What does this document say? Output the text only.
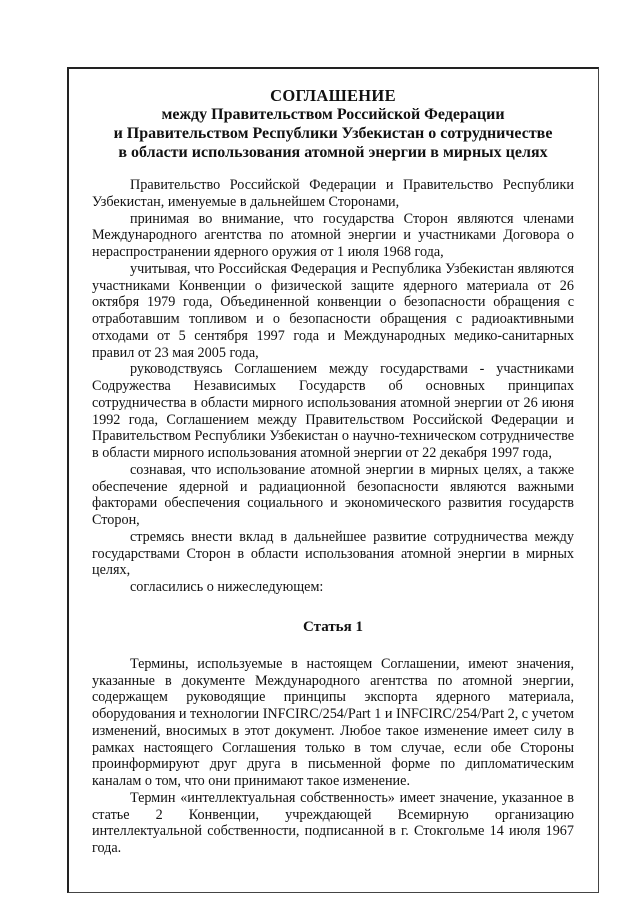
СОГЛАШЕНИЕ
между Правительством Российской Федерации
и Правительством Республики Узбекистан о сотрудничестве
в области использования атомной энергии в мирных целях

Правительство Российской Федерации и Правительство Республики Узбекистан, именуемые в дальнейшем Сторонами,

принимая во внимание, что государства Сторон являются членами Международного агентства по атомной энергии и участниками Договора о нераспространении ядерного оружия от 1 июля 1968 года,

учитывая, что Российская Федерация и Республика Узбекистан являются участниками Конвенции о физической защите ядерного материала от 26 октября 1979 года, Объединенной конвенции о безопасности обращения с отработавшим топливом и о безопасности обращения с радиоактивными отходами от 5 сентября 1997 года и Международных медико-санитарных правил от 23 мая 2005 года,

руководствуясь Соглашением между государствами - участниками Содружества Независимых Государств об основных принципах сотрудничества в области мирного использования атомной энергии от 26 июня 1992 года, Соглашением между Правительством Российской Федерации и Правительством Республики Узбекистан о научно-техническом сотрудничестве в области мирного использования атомной энергии от 22 декабря 1997 года,

сознавая, что использование атомной энергии в мирных целях, а также обеспечение ядерной и радиационной безопасности являются важными факторами обеспечения социального и экономического развития государств Сторон,

стремясь внести вклад в дальнейшее развитие сотрудничества между государствами Сторон в области использования атомной энергии в мирных целях,

согласились о нижеследующем:

Статья 1

Термины, используемые в настоящем Соглашении, имеют значения, указанные в документе Международного агентства по атомной энергии, содержащем руководящие принципы экспорта ядерного материала, оборудования и технологии INFCIRC/254/Part 1 и INFCIRC/254/Part 2, с учетом изменений, вносимых в этот документ. Любое такое изменение имеет силу в рамках настоящего Соглашения только в том случае, если обе Стороны проинформируют друг друга в письменной форме по дипломатическим каналам о том, что они принимают такое изменение.

Термин «интеллектуальная собственность» имеет значение, указанное в статье 2 Конвенции, учреждающей Всемирную организацию интеллектуальной собственности, подписанной в г. Стокгольме 14 июля 1967 года.
